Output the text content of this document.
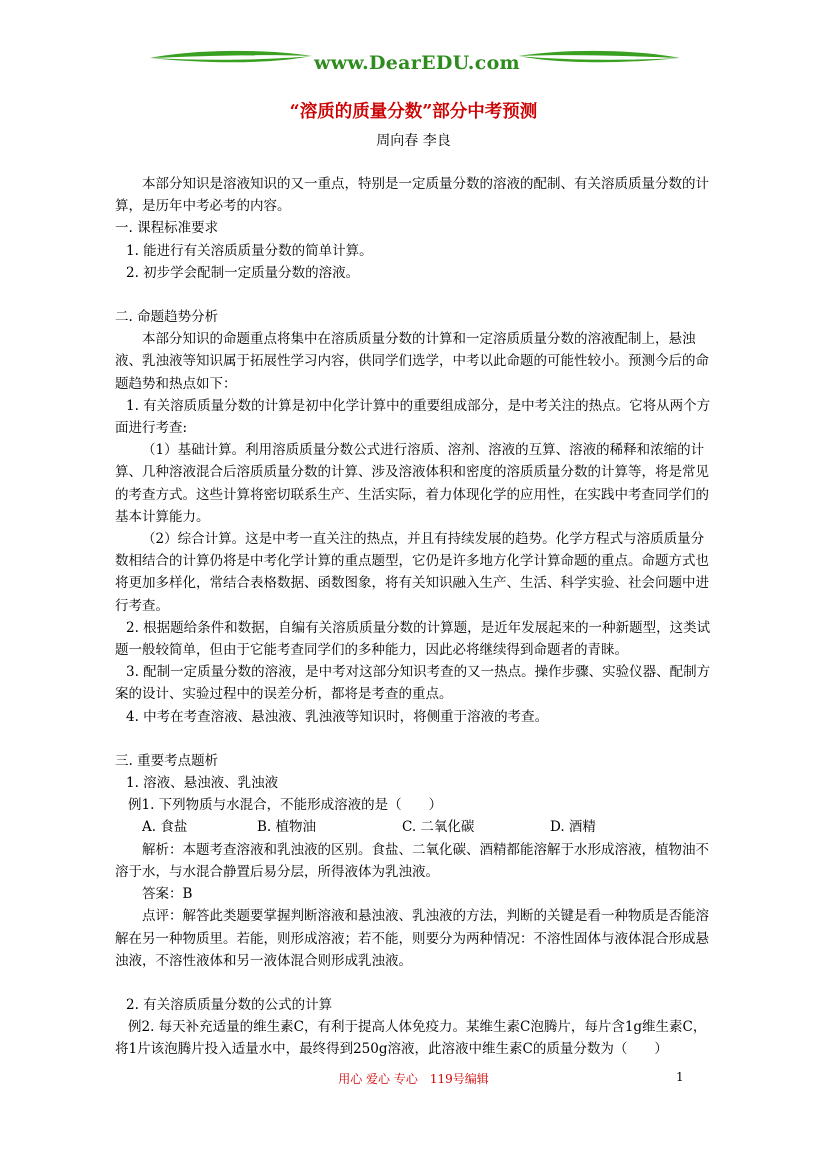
www.DearEDU.com
“溶质的质量分数”部分中考预测
周向春 李良

本部分知识是溶液知识的又一重点，特别是一定质量分数的溶液的配制、有关溶质质量分数的计算，是历年中考必考的内容。

一. 课程标准要求

1. 能进行有关溶质质量分数的简单计算。

2. 初步学会配制一定质量分数的溶液。

二. 命题趋势分析

本部分知识的命题重点将集中在溶质质量分数的计算和一定溶质质量分数的溶液配制上，悬浊液、乳浊液等知识属于拓展性学习内容，供同学们选学，中考以此命题的可能性较小。预测今后的命题趋势和热点如下：

1. 有关溶质质量分数的计算是初中化学计算中的重要组成部分，是中考关注的热点。它将从两个方面进行考查:

（1）基础计算。利用溶质质量分数公式进行溶质、溶剂、溶液的互算、溶液的稀释和浓缩的计算、几种溶液混合后溶质质量分数的计算、涉及溶液体积和密度的溶质质量分数的计算等，将是常见的考查方式。这些计算将密切联系生产、生活实际，着力体现化学的应用性，在实践中考查同学们的基本计算能力。

（2）综合计算。这是中考一直关注的热点，并且有持续发展的趋势。化学方程式与溶质质量分数相结合的计算仍将是中考化学计算的重点题型，它仍是许多地方化学计算命题的重点。命题方式也将更加多样化，常结合表格数据、函数图象，将有关知识融入生产、生活、科学实验、社会问题中进行考查。

2. 根据题给条件和数据，自编有关溶质质量分数的计算题，是近年发展起来的一种新题型，这类试题一般较简单，但由于它能考查同学们的多种能力，因此必将继续得到命题者的青睐。

3. 配制一定质量分数的溶液，是中考对这部分知识考查的又一热点。操作步骤、实验仪器、配制方案的设计、实验过程中的误差分析，都将是考查的重点。

4. 中考在考查溶液、悬浊液、乳浊液等知识时，将侧重于溶液的考查。

三. 重要考点题析

1. 溶液、悬浊液、乳浊液

例1. 下列物质与水混合，不能形成溶液的是（　　）

A. 食盐	B. 植物油	C. 二氧化碳	D. 酒精

解析：本题考查溶液和乳浊液的区别。食盐、二氧化碳、酒精都能溶解于水形成溶液，植物油不溶于水，与水混合静置后易分层，所得液体为乳浊液。

答案：B

点评：解答此类题要掌握判断溶液和悬浊液、乳浊液的方法，判断的关键是看一种物质是否能溶解在另一种物质里。若能，则形成溶液；若不能，则要分为两种情况：不溶性固体与液体混合形成悬浊液，不溶性液体和另一液体混合则形成乳浊液。

2. 有关溶质质量分数的公式的计算

例2. 每天补充适量的维生素C，有利于提高人体免疫力。某维生素C泡腾片，每片含1g维生素C，将1片该泡腾片投入适量水中，最终得到250g溶液，此溶液中维生素C的质量分数为（　　）

用心 爱心 专心　119号编辑	1
